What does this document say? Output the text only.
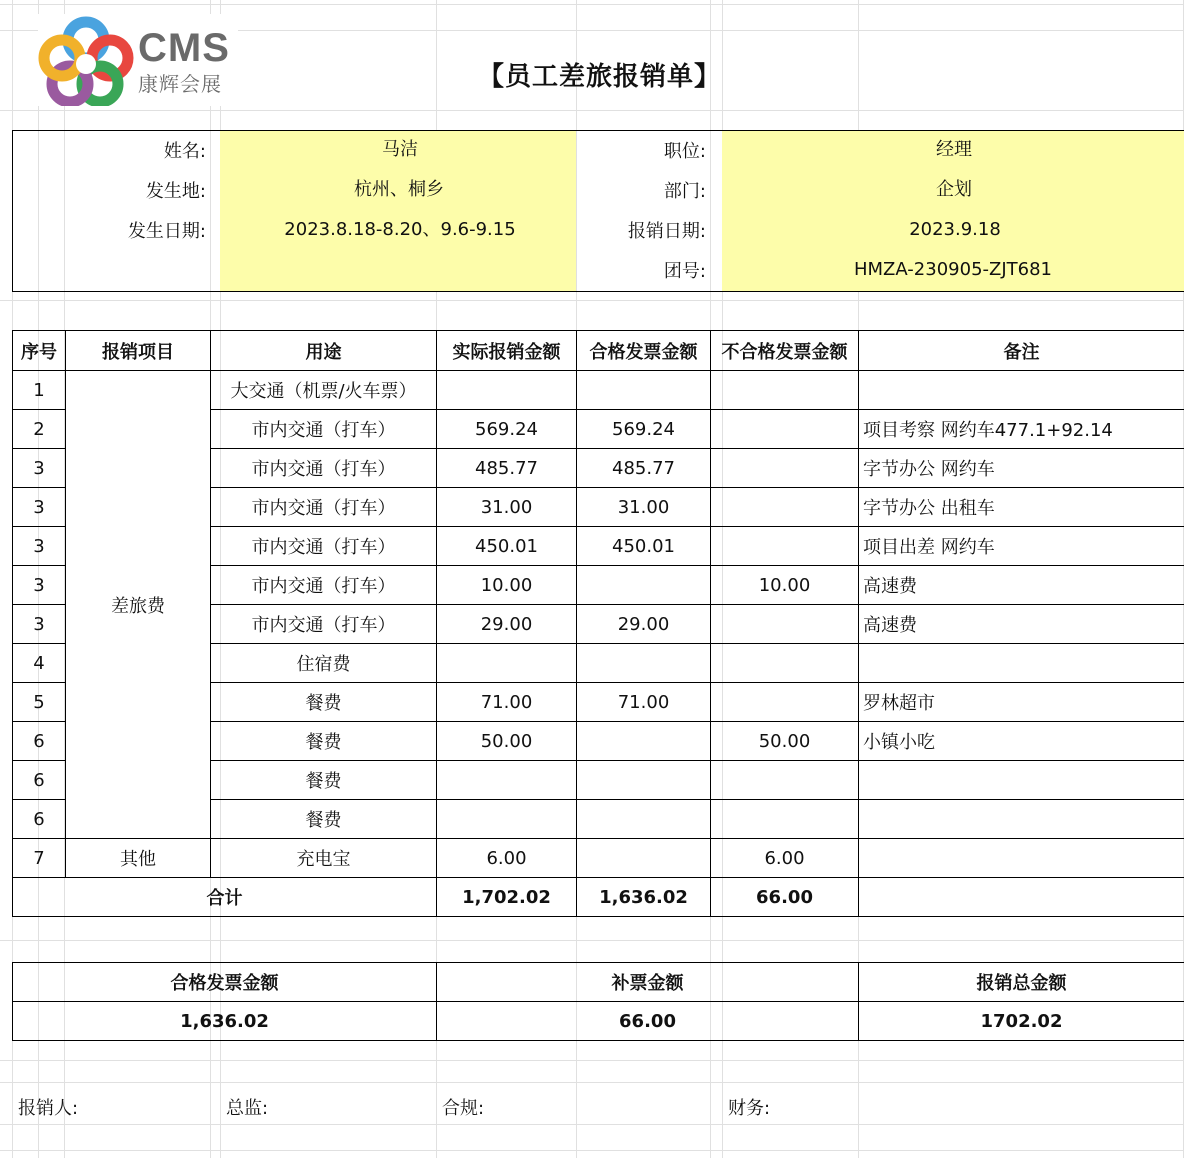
CMS
康辉会展	【员工差旅报销单】
姓名:	马洁
发生地:	杭州、桐乡
发生日期:	2023.8.18-8.20、9.6-9.15
职位:	经理
部门:	企划
报销日期:	2023.9.18
团号:	HMZA-230905-ZJT681
序号	报销项目	用途	实际报销金额	合格发票金额	不合格发票金额	备注
1	差旅费	大交通（机票/火车票）				
2		市内交通（打车）	569.24	569.24		项目考察 网约车477.1+92.14
3		市内交通（打车）	485.77	485.77		字节办公 网约车
3		市内交通（打车）	31.00	31.00		字节办公 出租车
3		市内交通（打车）	450.01	450.01		项目出差 网约车
3		市内交通（打车）	10.00		10.00	高速费
3		市内交通（打车）	29.00	29.00		高速费
4		住宿费				
5		餐费	71.00	71.00		罗林超市
6		餐费	50.00		50.00	小镇小吃
6		餐费				
6		餐费				
7	其他	充电宝	6.00		6.00	
合计			1,702.02	1,636.02	66.00	
合格发票金额	补票金额	报销总金额
1,636.02	66.00	1702.02
报销人:	总监:	合规:	财务:
